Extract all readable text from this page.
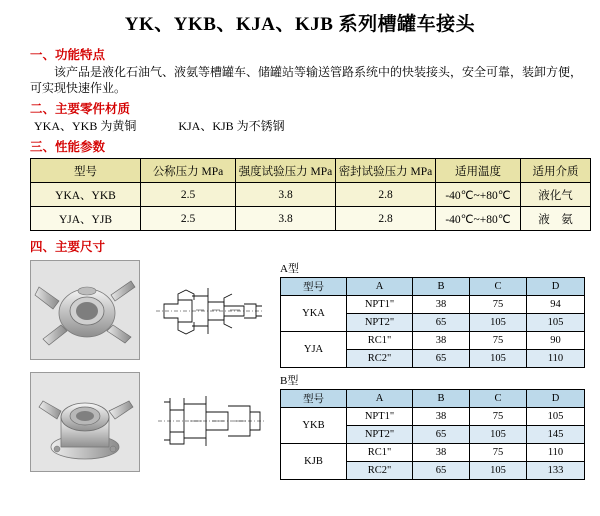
YK、YKB、KJA、KJB 系列槽罐车接头
一、功能特点
该产品是液化石油气、液氨等槽罐车、储罐站等输送管路系统中的快装接头，安全可靠，装卸方便，可实现快速作业。
二、主要零件材质
YKA、YKB 为黄铜	KJA、KJB 为不锈钢
三、性能参数
型号	公称压力 MPa	强度试验压力 MPa	密封试验压力 MPa	适用温度	适用介质
YKA、YKB	2.5	3.8	2.8	-40℃~+80℃	液化气
YJA、YJB	2.5	3.8	2.8	-40℃~+80℃	液　氨
四、主要尺寸
A型
型号	A	B	C	D
YKA	NPT1"	38	75	94
	NPT2"	65	105	105
YJA	RC1"	38	75	90
	RC2"	65	105	110
B型
型号	A	B	C	D
YKB	NPT1"	38	75	105
	NPT2"	65	105	145
KJB	RC1"	38	75	110
	RC2"	65	105	133
